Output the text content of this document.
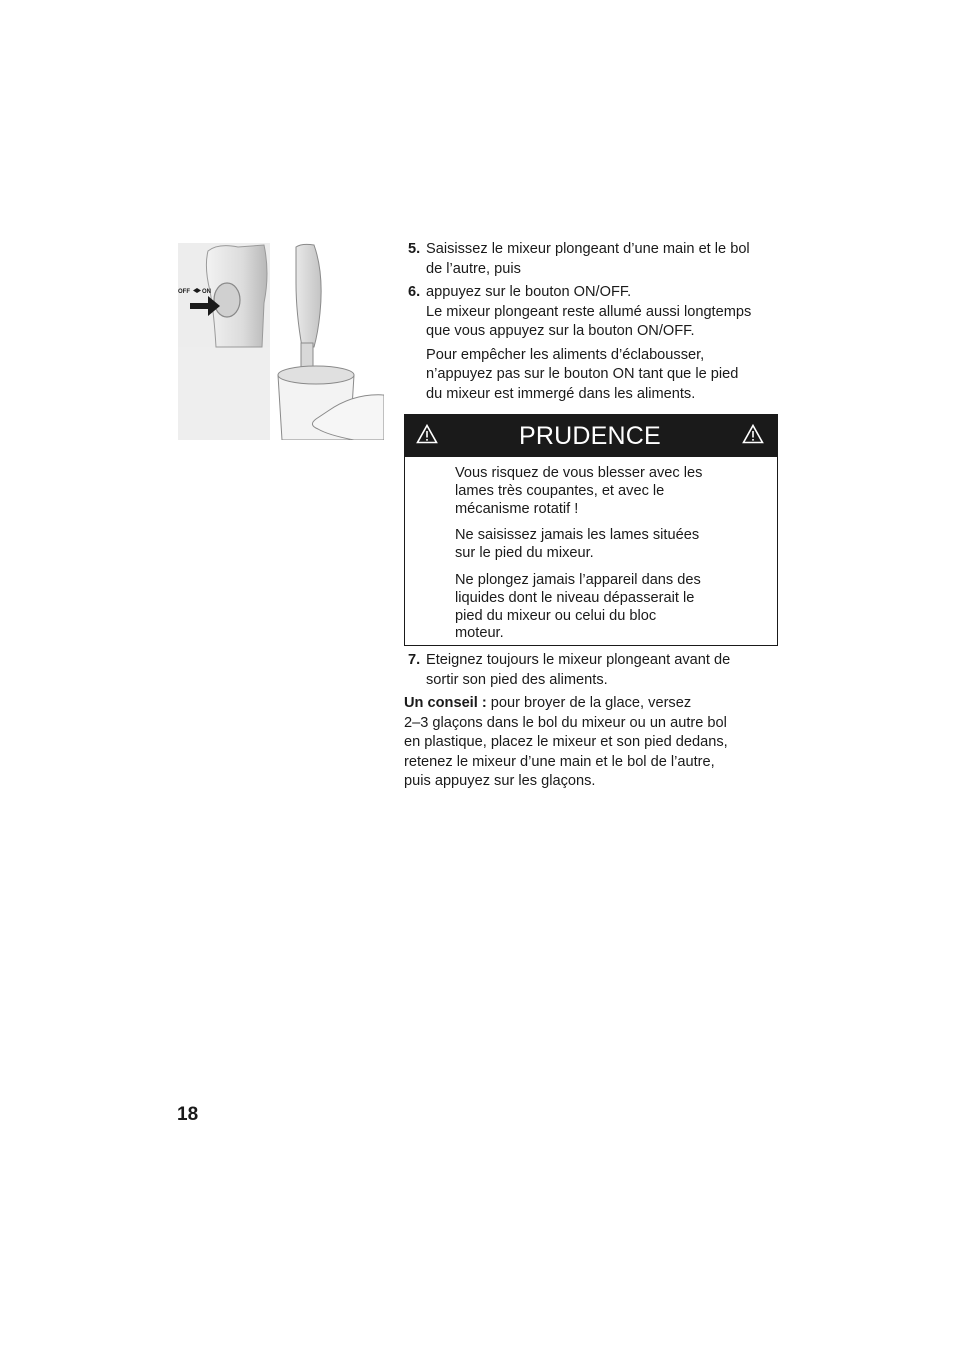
OFF ON
5. Saisissez le mixeur plongeant d’une main et le bol

de l’autre, puis

6. appuyez sur le bouton ON/OFF.

Le mixeur plongeant reste allumé aussi longtemps

que vous appuyez sur la bouton ON/OFF.

Pour empêcher les aliments d’éclabousser,

n’appuyez pas sur le bouton ON tant que le pied

du mixeur est immergé dans les aliments.

PRUDENCE
Vous risquez de vous blesser avec les
lames très coupantes, et avec le
mécanisme rotatif !
Ne saisissez jamais les lames situées
sur le pied du mixeur.
Ne plongez jamais l’appareil dans des
liquides dont le niveau dépasserait le
pied du mixeur ou celui du bloc
moteur.
7. Eteignez toujours le mixeur plongeant avant de

sortir son pied des aliments.

Un conseil : pour broyer de la glace, versez

2–3 glaçons dans le bol du mixeur ou un autre bol

en plastique, placez le mixeur et son pied dedans,

retenez le mixeur d’une main et le bol de l’autre,

puis appuyez sur les glaçons.

18
